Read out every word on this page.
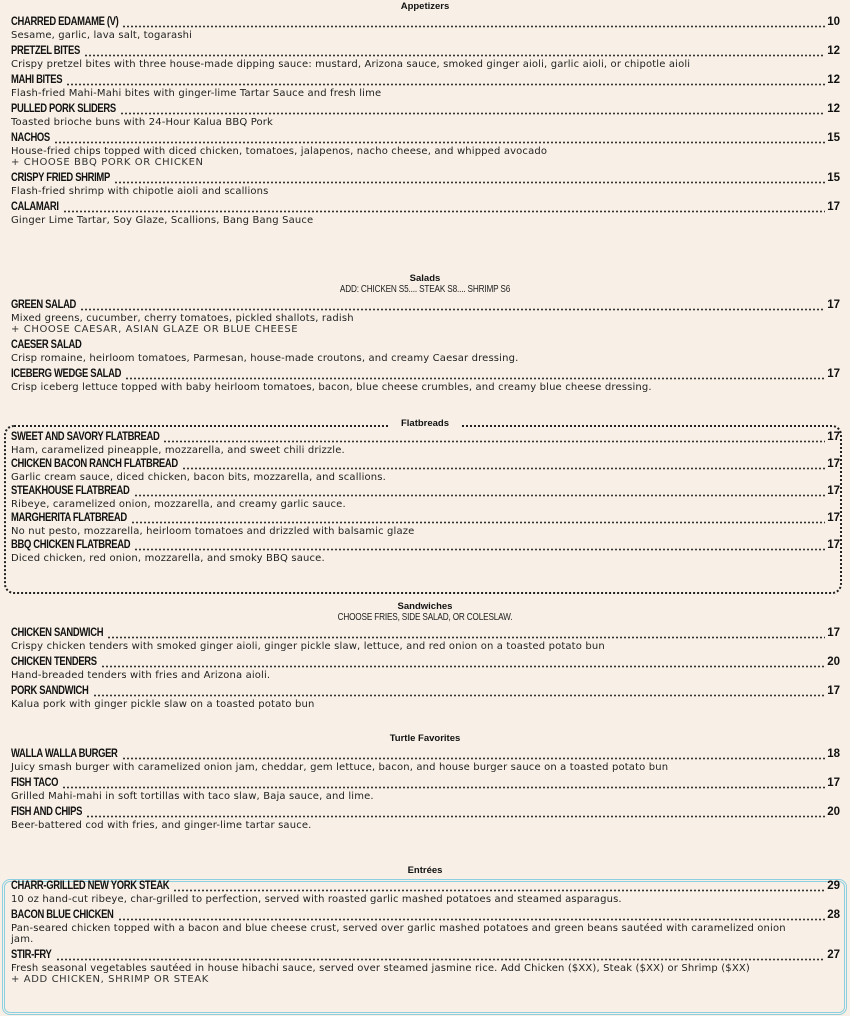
Appetizers
CHARRED EDAMAME (V)	10
Sesame, garlic, lava salt, togarashi
PRETZEL BITES	12
Crispy pretzel bites with three house-made dipping sauce: mustard, Arizona sauce, smoked ginger aioli, garlic aioli, or chipotle aioli
MAHI BITES	12
Flash-fried Mahi-Mahi bites with ginger-lime Tartar Sauce and fresh lime
PULLED PORK SLIDERS	12
Toasted brioche buns with 24-Hour Kalua BBQ Pork
NACHOS	15
House-fried chips topped with diced chicken, tomatoes, jalapenos, nacho cheese, and whipped avocado
+ CHOOSE BBQ PORK OR CHICKEN
CRISPY FRIED SHRIMP	15
Flash-fried shrimp with chipotle aioli and scallions
CALAMARI	17
Ginger Lime Tartar, Soy Glaze, Scallions, Bang Bang Sauce
Salads
ADD: CHICKEN S5.... STEAK S8.... SHRIMP S6
GREEN SALAD	17
Mixed greens, cucumber, cherry tomatoes, pickled shallots, radish
+ CHOOSE CAESAR, ASIAN GLAZE OR BLUE CHEESE
CAESER SALAD
Crisp romaine, heirloom tomatoes, Parmesan, house-made croutons, and creamy Caesar dressing.
ICEBERG WEDGE SALAD	17
Crisp iceberg lettuce topped with baby heirloom tomatoes, bacon, blue cheese crumbles, and creamy blue cheese dressing.
Flatbreads
SWEET AND SAVORY FLATBREAD	17
Ham, caramelized pineapple, mozzarella, and sweet chili drizzle.
CHICKEN BACON RANCH FLATBREAD	17
Garlic cream sauce, diced chicken, bacon bits, mozzarella, and scallions.
STEAKHOUSE FLATBREAD	17
Ribeye, caramelized onion, mozzarella, and creamy garlic sauce.
MARGHERITA FLATBREAD	17
No nut pesto, mozzarella, heirloom tomatoes and drizzled with balsamic glaze
BBQ CHICKEN FLATBREAD	17
Diced chicken, red onion, mozzarella, and smoky BBQ sauce.
Sandwiches
CHOOSE FRIES, SIDE SALAD, OR COLESLAW.
CHICKEN SANDWICH	17
Crispy chicken tenders with smoked ginger aioli, ginger pickle slaw, lettuce, and red onion on a toasted potato bun
CHICKEN TENDERS	20
Hand-breaded tenders with fries and Arizona aioli.
PORK SANDWICH	17
Kalua pork with ginger pickle slaw on a toasted potato bun
Turtle Favorites
WALLA WALLA BURGER	18
Juicy smash burger with caramelized onion jam, cheddar, gem lettuce, bacon, and house burger sauce on a toasted potato bun
FISH TACO	17
Grilled Mahi-mahi in soft tortillas with taco slaw, Baja sauce, and lime.
FISH AND CHIPS	20
Beer-battered cod with fries, and ginger-lime tartar sauce.
Entrées
CHARR-GRILLED NEW YORK STEAK	29
10 oz hand-cut ribeye, char-grilled to perfection, served with roasted garlic mashed potatoes and steamed asparagus.
BACON BLUE CHICKEN	28
Pan-seared chicken topped with a bacon and blue cheese crust, served over garlic mashed potatoes and green beans sautéed with caramelized onion jam.
STIR-FRY	27
Fresh seasonal vegetables sautéed in house hibachi sauce, served over steamed jasmine rice. Add Chicken ($XX), Steak ($XX) or Shrimp ($XX)
+ ADD CHICKEN, SHRIMP OR STEAK
